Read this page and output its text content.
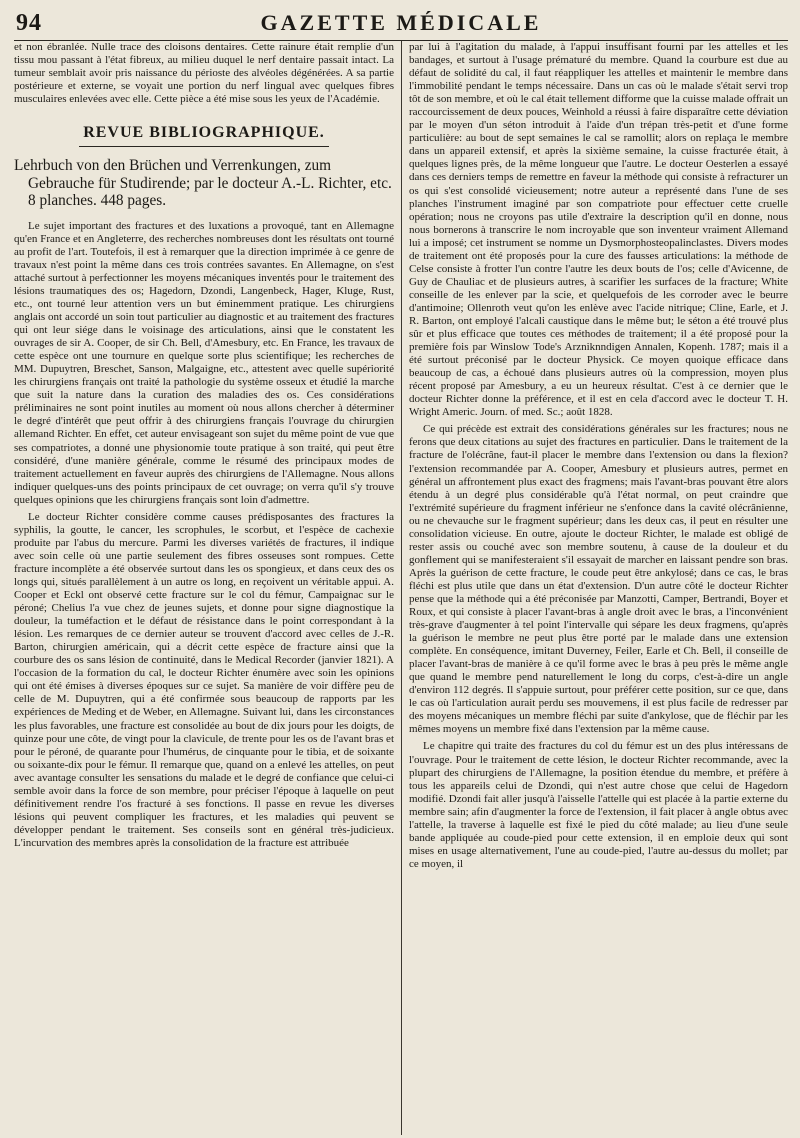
94	GAZETTE MÉDICALE

et non ébranlée. Nulle trace des cloisons dentaires. Cette rainure était remplie d'un tissu mou passant à l'état fibreux, au milieu duquel le nerf dentaire passait intact. La tumeur semblait avoir pris naissance du périoste des alvéoles dégénérées. A sa partie postérieure et externe, se voyait une portion du nerf lingual avec quelques fibres musculaires enlevées avec elle. Cette pièce a été mise sous les yeux de l'Académie.

REVUE BIBLIOGRAPHIQUE.

Lehrbuch von den Brüchen und Verrenkungen, zum Gebrauche für Studirende; par le docteur A.-L. Richter, etc. 8 planches. 448 pages.

Le sujet important des fractures et des luxations a provoqué, tant en Allemagne qu'en France et en Angleterre, des recherches nombreuses dont les résultats ont tourné au profit de l'art. Toutefois, il est à remarquer que la direction imprimée à ce genre de travaux n'est point la même dans ces trois contrées savantes. En Allemagne, on s'est attaché surtout à perfectionner les moyens mécaniques inventés pour le traitement des lésions traumatiques des os; Hagedorn, Dzondi, Langenbeck, Hager, Kluge, Rust, etc., ont tourné leur attention vers un but éminemment pratique. Les chirurgiens anglais ont accordé un soin tout particulier au diagnostic et au traitement des fractures qui ont leur siége dans le voisinage des articulations, ainsi que le constatent les ouvrages de sir A. Cooper, de sir Ch. Bell, d'Amesbury, etc. En France, les travaux de cette espèce ont une tournure en quelque sorte plus scientifique; les recherches de MM. Dupuytren, Breschet, Sanson, Malgaigne, etc., attestent avec quelle supériorité les chirurgiens français ont traité la pathologie du système osseux et étudié la marche que suit la nature dans la curation des maladies des os. Ces considérations préliminaires ne sont point inutiles au moment où nous allons chercher à déterminer le degré d'intérêt que peut offrir à des chirurgiens français l'ouvrage du chirurgien allemand Richter. En effet, cet auteur envisageant son sujet du même point de vue que ses compatriotes, a donné une physionomie toute pratique à son traité, qui peut être considéré, d'une manière générale, comme le résumé des principaux modes de traitement actuellement en faveur auprès des chirurgiens de l'Allemagne. Nous allons indiquer quelques-uns des points principaux de cet ouvrage; on verra qu'il s'y trouve quelques opinions que les chirurgiens français sont loin d'admettre.

Le docteur Richter considère comme causes prédisposantes des fractures la syphilis, la goutte, le cancer, les scrophules, le scorbut, et l'espèce de cachexie produite par l'abus du mercure. Parmi les diverses variétés de fractures, il indique avec soin celle où une partie seulement des fibres osseuses sont rompues. Cette fracture incomplète a été observée surtout dans les os spongieux, et dans ceux des os longs qui, situés parallèlement à un autre os long, en reçoivent un véritable appui. A. Cooper et Eckl ont observé cette fracture sur le col du fémur, Campaignac sur le péroné; Chelius l'a vue chez de jeunes sujets, et donne pour signe diagnostique la douleur, la tuméfaction et le défaut de résistance dans le point correspondant à la lésion. Les remarques de ce dernier auteur se trouvent d'accord avec celles de J.-R. Barton, chirurgien américain, qui a décrit cette espèce de fracture ainsi que la courbure des os sans lésion de continuité, dans le Medical Recorder (janvier 1821). A l'occasion de la formation du cal, le docteur Richter énumère avec soin les opinions qui ont été émises à diverses époques sur ce sujet. Sa manière de voir diffère peu de celle de M. Dupuytren, qui a été confirmée sous beaucoup de rapports par les expériences de Meding et de Weber, en Allemagne. Suivant lui, dans les circonstances les plus favorables, une fracture est consolidée au bout de dix jours pour les doigts, de quinze pour une côte, de vingt pour la clavicule, de trente pour les os de l'avant bras et pour le péroné, de quarante pour l'humérus, de cinquante pour le tibia, et de soixante ou soixante-dix pour le fémur. Il remarque que, quand on a enlevé les attelles, on peut avec avantage consulter les sensations du malade et le degré de confiance que celui-ci semble avoir dans la force de son membre, pour préciser l'époque à laquelle on peut définitivement rendre l'os fracturé à ses fonctions. Il passe en revue les diverses lésions qui peuvent compliquer les fractures, et les maladies qui peuvent se développer pendant le traitement. Ses conseils sont en général très-judicieux. L'incurvation des membres après la consolidation de la fracture est attribuée

par lui à l'agitation du malade, à l'appui insuffisant fourni par les attelles et les bandages, et surtout à l'usage prématuré du membre. Quand la courbure est due au défaut de solidité du cal, il faut réappliquer les attelles et maintenir le membre dans l'immobilité pendant le temps nécessaire. Dans un cas où le malade s'était servi trop tôt de son membre, et où le cal était tellement difforme que la cuisse malade offrait un raccourcissement de deux pouces, Weinhold a réussi à faire disparaître cette déviation par le moyen d'un séton introduit à l'aide d'un trépan très-petit et d'une forme particulière: au bout de sept semaines le cal se ramollit; alors on replaça le membre dans un appareil extensif, et après la sixième semaine, la cuisse fracturée était, à quelques lignes près, de la même longueur que l'autre. Le docteur Oesterlen a essayé dans ces derniers temps de remettre en faveur la méthode qui consiste à refracturer un os qui s'est consolidé vicieusement; notre auteur a représenté dans l'une de ses planches l'instrument imaginé par son compatriote pour effectuer cette cruelle opération; nous ne croyons pas utile d'extraire la description qu'il en donne, nous nous bornerons à transcrire le nom incroyable que son inventeur vraiment Allemand lui a imposé; cet instrument se nomme un Dysmorphosteopalinclastes. Divers modes de traitement ont été proposés pour la cure des fausses articulations: la méthode de Celse consiste à frotter l'un contre l'autre les deux bouts de l'os; celle d'Avicenne, de Guy de Chauliac et de plusieurs autres, à scarifier les surfaces de la fracture; White conseille de les enlever par la scie, et quelquefois de les corroder avec le beurre d'antimoine; Ollenroth veut qu'on les enlève avec l'acide nitrique; Cline, Earle, et J. R. Barton, ont employé l'alcali caustique dans le même but; le séton a été trouvé plus sûr et plus efficace que toutes ces méthodes de traitement; il a été proposé pour la première fois par Winslow Tode's Arzniknndigen Annalen, Kopenh. 1787; mais il a été surtout préconisé par le docteur Physick. Ce moyen quoique efficace dans beaucoup de cas, a échoué dans plusieurs autres où la compression, moyen plus récent proposé par Amesbury, a eu un heureux résultat. C'est à ce dernier que le docteur Richter donne la préférence, et il est en cela d'accord avec le docteur T. H. Wright Americ. Journ. of med. Sc.; août 1828.

Ce qui précède est extrait des considérations générales sur les fractures; nous ne ferons que deux citations au sujet des fractures en particulier. Dans le traitement de la fracture de l'olécrâne, faut-il placer le membre dans l'extension ou dans la flexion? l'extension recommandée par A. Cooper, Amesbury et plusieurs autres, permet en général un affrontement plus exact des fragmens; mais l'avant-bras pouvant être alors étendu à un degré plus considérable qu'à l'état normal, on peut craindre que l'extrémité supérieure du fragment inférieur ne s'enfonce dans la cavité olécrânienne, ou ne chevauche sur le fragment supérieur; dans les deux cas, il peut en résulter une consolidation vicieuse. En outre, ajoute le docteur Richter, le malade est obligé de rester assis ou couché avec son membre soutenu, à cause de la douleur et du gonflement qui se manifesteraient s'il essayait de marcher en laissant pendre son bras. Après la guérison de cette fracture, le coude peut être ankylosé; dans ce cas, le bras fléchi est plus utile que dans un état d'extension. D'un autre côté le docteur Richter pense que la méthode qui a été préconisée par Manzotti, Camper, Bertrandi, Boyer et Roux, et qui consiste à placer l'avant-bras à angle droit avec le bras, a l'inconvénient très-grave d'augmenter à tel point l'intervalle qui sépare les deux fragmens, qu'après la guérison le membre ne peut plus être porté par le malade dans une extension complète. En conséquence, imitant Duverney, Feiler, Earle et Ch. Bell, il conseille de placer l'avant-bras de manière à ce qu'il forme avec le bras à peu près le même angle que quand le membre pend naturellement le long du corps, c'est-à-dire un angle d'environ 112 degrés. Il s'appuie surtout, pour préférer cette position, sur ce que, dans le cas où l'articulation aurait perdu ses mouvemens, il est plus facile de redresser par des moyens mécaniques un membre fléchi par suite d'ankylose, que de fléchir par les mêmes moyens un membre fixé dans l'extension par la même cause.

Le chapitre qui traite des fractures du col du fémur est un des plus intéressans de l'ouvrage. Pour le traitement de cette lésion, le docteur Richter recommande, avec la plupart des chirurgiens de l'Allemagne, la position étendue du membre, et préfère à tous les appareils celui de Dzondi, qui n'est autre chose que celui de Hagedorn modifié. Dzondi fait aller jusqu'à l'aisselle l'attelle qui est placée à la partie externe du membre sain; afin d'augmenter la force de l'extension, il fait placer à angle obtus avec l'attelle, la traverse à laquelle est fixé le pied du côté malade; au lieu d'une seule bande appliquée au coude-pied pour cette extension, il en emploie deux qui sont mises en usage alternativement, l'une au coude-pied, l'autre au-dessus du mollet; par ce moyen, il
